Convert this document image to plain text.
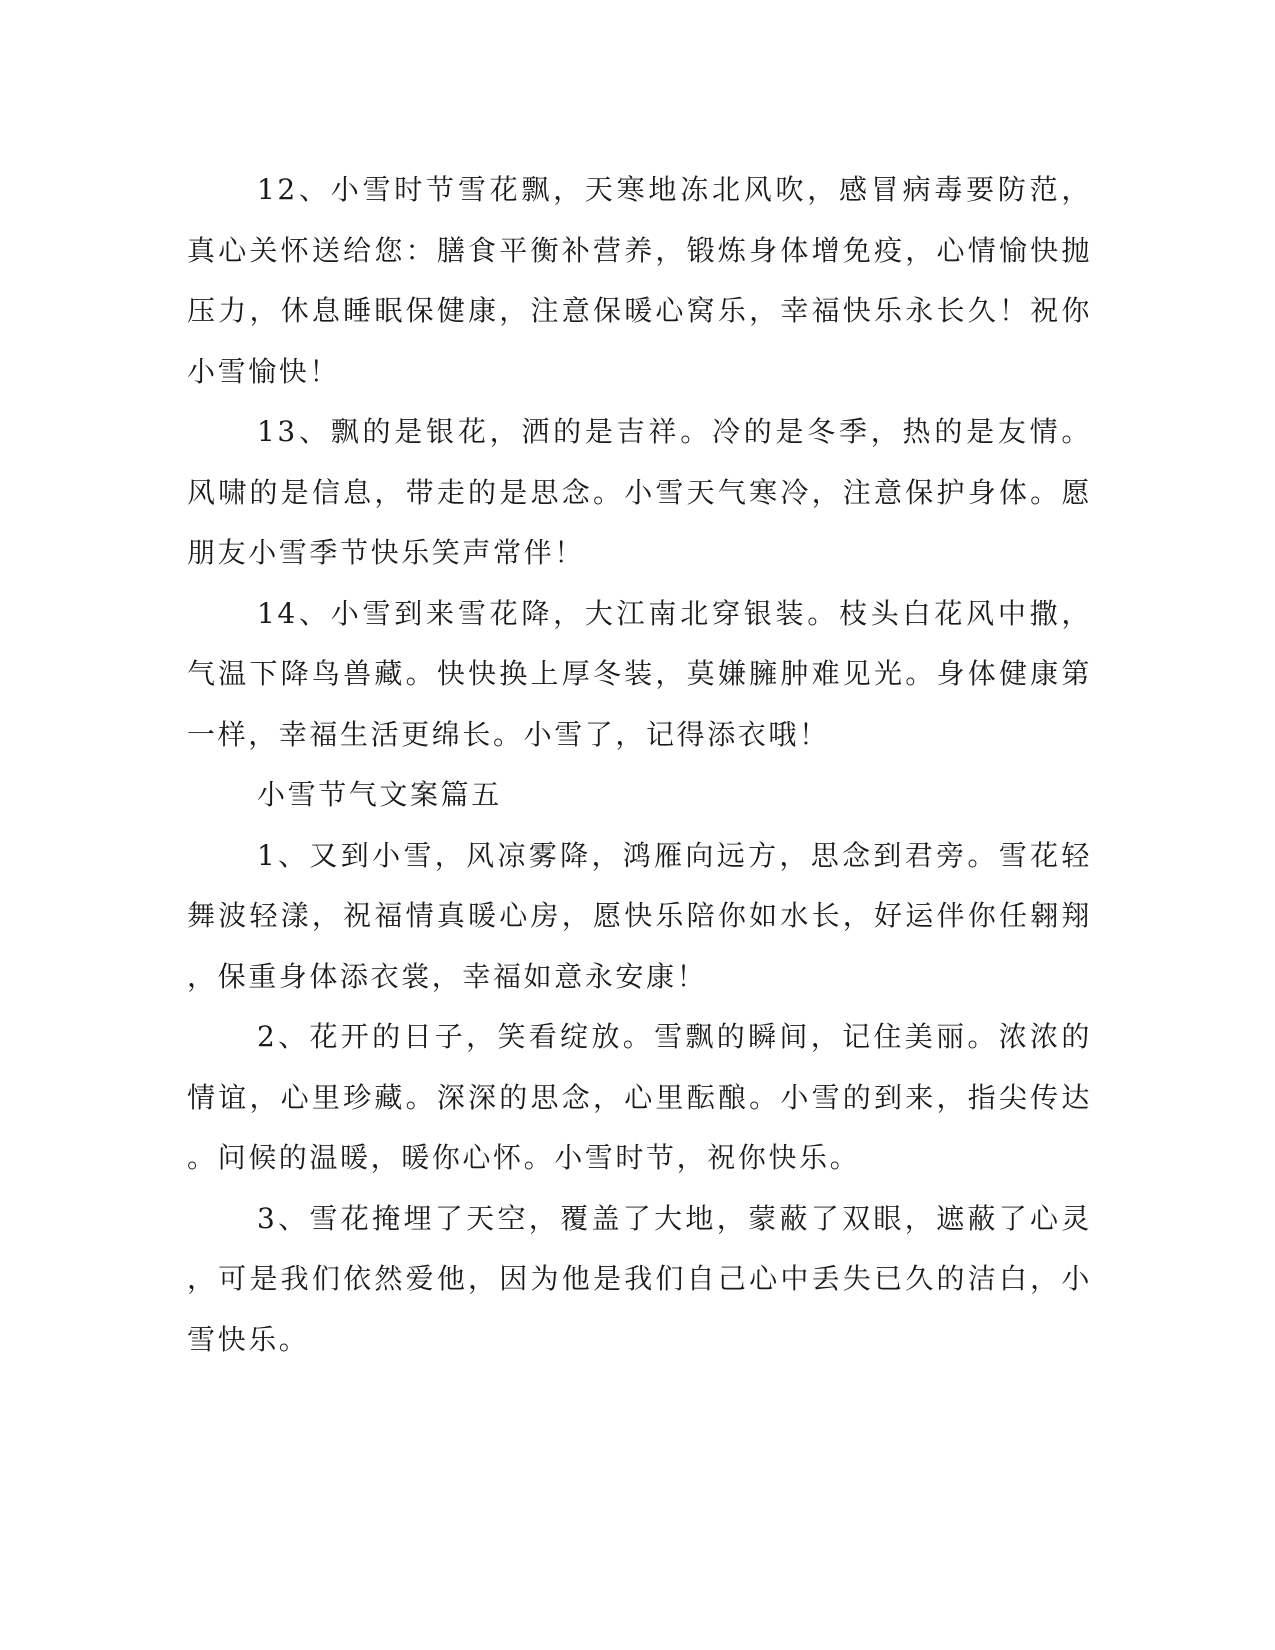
12、小雪时节雪花飘，天寒地冻北风吹，感冒病毒要防范，真心关怀送给您：膳食平衡补营养，锻炼身体增免疫，心情愉快抛压力，休息睡眠保健康，注意保暖心窝乐，幸福快乐永长久！祝你小雪愉快！

13、飘的是银花，洒的是吉祥。冷的是冬季，热的是友情。风啸的是信息，带走的是思念。小雪天气寒冷，注意保护身体。愿朋友小雪季节快乐笑声常伴！

14、小雪到来雪花降，大江南北穿银装。枝头白花风中撒，气温下降鸟兽藏。快快换上厚冬装，莫嫌臃肿难见光。身体健康第一样，幸福生活更绵长。小雪了，记得添衣哦！

小雪节气文案篇五

1、又到小雪，风凉雾降，鸿雁向远方，思念到君旁。雪花轻舞波轻漾，祝福情真暖心房，愿快乐陪你如水长，好运伴你任翱翔，保重身体添衣裳，幸福如意永安康！

2、花开的日子，笑看绽放。雪飘的瞬间，记住美丽。浓浓的情谊，心里珍藏。深深的思念，心里酝酿。小雪的到来，指尖传达。问候的温暖，暖你心怀。小雪时节，祝你快乐。

3、雪花掩埋了天空，覆盖了大地，蒙蔽了双眼，遮蔽了心灵，可是我们依然爱他，因为他是我们自己心中丢失已久的洁白，小雪快乐。
